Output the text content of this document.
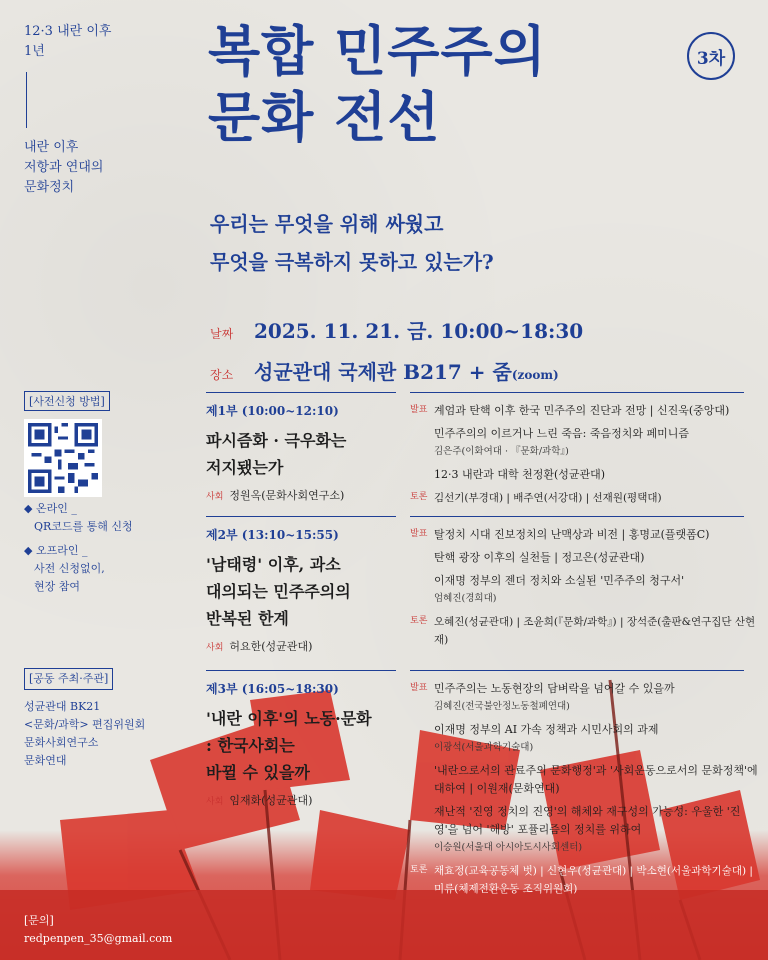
12·3 내란 이후
1년
내란 이후
저항과 연대의
문화정치
복합 민주주의
문화 전선
3차
우리는 무엇을 위해 싸웠고
무엇을 극복하지 못하고 있는가?
날짜	2025. 11. 21. 금. 10:00~18:30
장소	성균관대 국제관 B217 + 줌 (zoom)
[사전신청 방법]
◆ 온라인 _
QR코드를 통해 신청
◆ 오프라인 _
사전 신청없이,
현장 참여
[공동 주최·주관]
성균관대 BK21
<문화/과학> 편집위원회
문화사회연구소
문화연대
[문의]
redpenpen_35@gmail.com
제1부 (10:00~12:10)
파시즘화 · 극우화는
저지됐는가
사회 정원옥(문화사회연구소)
발표 계엄과 탄핵 이후 한국 민주주의 진단과 전망 | 신진욱(중앙대)
민주주의의 이르거나 느린 죽음: 죽음정치와 페미니즘
김은주(이화여대 · 『문화/과학』)
12·3 내란과 대학 천정환(성균관대)
토론 김선기(부경대) | 배주연(서강대) | 선재원(평택대)
제2부 (13:10~15:55)
'남태령' 이후, 과소
대의되는 민주주의의
반복된 한계
사회 허요한(성균관대)
발표 탈정치 시대 진보정치의 난맥상과 비전 | 홍명교(플랫폼C)
탄핵 광장 이후의 실천들 | 정고은(성균관대)
이재명 정부의 젠더 정치와 소실된 '민주주의 청구서'
엄혜진(경희대)
토론 오혜진(성균관대) | 조윤희(『문화/과학』) | 장석준(출판&연구집단 산현재)
제3부 (16:05~18:30)
'내란 이후'의 노동·문화
: 한국사회는
바뀔 수 있을까
사회 임재화(성균관대)
발표 민주주의는 노동현장의 담벼락을 넘어갈 수 있을까
김혜진(전국불안정노동철폐연대)
이재명 정부의 AI 가속 정책과 시민사회의 과제
이광석(서울과학기술대)
'내란으로서의 관료주의 문화행정'과 '사회운동으로서의 문화정책'에 대하여 | 이원재(문화연대)
재난적 '진영 정치의 진영'의 해체와 재구성의 가능성: 우울한 '진영'을 넘어 '해방' 포퓰리즘의 정치를 위하여
이승원(서울대 아시아도시사회센터)
토론 채효정(교육공동체 벗) | 신현우(성균관대) | 박소현(서울과학기술대) | 미류(체제전환운동 조직위원회)
